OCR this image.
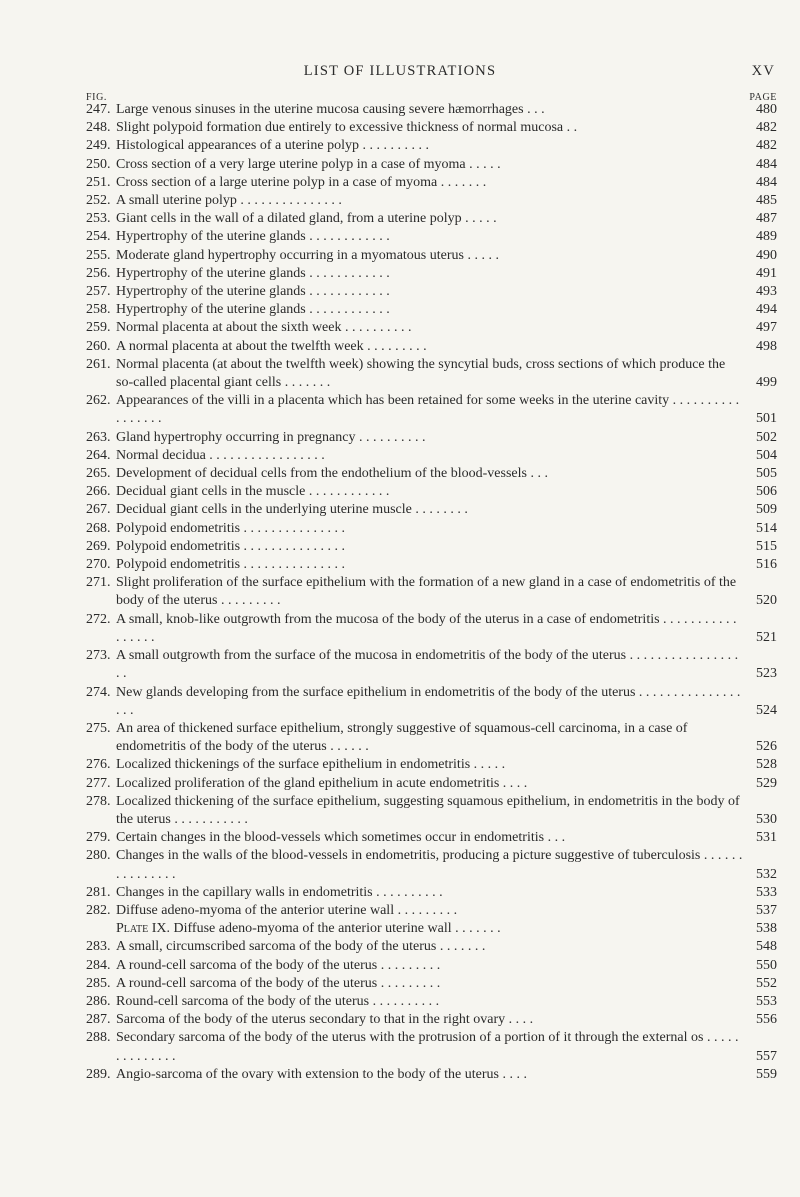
LIST OF ILLUSTRATIONS	XV
FIG.	PAGE
247. Large venous sinuses in the uterine mucosa causing severe hæmorrhages . . .	480
248. Slight polypoid formation due entirely to excessive thickness of normal mucosa . .	482
249. Histological appearances of a uterine polyp . . . . . . . . . .	482
250. Cross section of a very large uterine polyp in a case of myoma . . . . .	484
251. Cross section of a large uterine polyp in a case of myoma . . . . . . .	484
252. A small uterine polyp . . . . . . . . . . . . . . .	485
253. Giant cells in the wall of a dilated gland, from a uterine polyp . . . . .	487
254. Hypertrophy of the uterine glands . . . . . . . . . . . .	489
255. Moderate gland hypertrophy occurring in a myomatous uterus . . . . .	490
256. Hypertrophy of the uterine glands . . . . . . . . . . . .	491
257. Hypertrophy of the uterine glands . . . . . . . . . . . .	493
258. Hypertrophy of the uterine glands . . . . . . . . . . . .	494
259. Normal placenta at about the sixth week . . . . . . . . . .	497
260. A normal placenta at about the twelfth week . . . . . . . . .	498
261. Normal placenta (at about the twelfth week) showing the syncytial buds, cross sections of which produce the so-called placental giant cells . . . . . . .	499
262. Appearances of the villi in a placenta which has been retained for some weeks in the uterine cavity . . . . . . . . . . . . . . . . .	501
263. Gland hypertrophy occurring in pregnancy . . . . . . . . . .	502
264. Normal decidua . . . . . . . . . . . . . . . . .	504
265. Development of decidual cells from the endothelium of the blood-vessels . . .	505
266. Decidual giant cells in the muscle . . . . . . . . . . . .	506
267. Decidual giant cells in the underlying uterine muscle . . . . . . . .	509
268. Polypoid endometritis . . . . . . . . . . . . . . .	514
269. Polypoid endometritis . . . . . . . . . . . . . . .	515
270. Polypoid endometritis . . . . . . . . . . . . . . .	516
271. Slight proliferation of the surface epithelium with the formation of a new gland in a case of endometritis of the body of the uterus . . . . . . . . .	520
272. A small, knob-like outgrowth from the mucosa of the body of the uterus in a case of endometritis . . . . . . . . . . . . . . . . .	521
273. A small outgrowth from the surface of the mucosa in endometritis of the body of the uterus . . . . . . . . . . . . . . . . . .	523
274. New glands developing from the surface epithelium in endometritis of the body of the uterus . . . . . . . . . . . . . . . . . .	524
275. An area of thickened surface epithelium, strongly suggestive of squamous-cell carcinoma, in a case of endometritis of the body of the uterus . . . . . .	526
276. Localized thickenings of the surface epithelium in endometritis . . . . .	528
277. Localized proliferation of the gland epithelium in acute endometritis . . . .	529
278. Localized thickening of the surface epithelium, suggesting squamous epithelium, in endometritis in the body of the uterus . . . . . . . . . . .	530
279. Certain changes in the blood-vessels which sometimes occur in endometritis . . .	531
280. Changes in the walls of the blood-vessels in endometritis, producing a picture suggestive of tuberculosis . . . . . . . . . . . . . . .	532
281. Changes in the capillary walls in endometritis . . . . . . . . . .	533
282. Diffuse adeno-myoma of the anterior uterine wall . . . . . . . . .	537
Plate IX. Diffuse adeno-myoma of the anterior uterine wall . . . . . . .	538
283. A small, circumscribed sarcoma of the body of the uterus . . . . . . .	548
284. A round-cell sarcoma of the body of the uterus . . . . . . . . .	550
285. A round-cell sarcoma of the body of the uterus . . . . . . . . .	552
286. Round-cell sarcoma of the body of the uterus . . . . . . . . . .	553
287. Sarcoma of the body of the uterus secondary to that in the right ovary . . . .	556
288. Secondary sarcoma of the body of the uterus with the protrusion of a portion of it through the external os . . . . . . . . . . . . . .	557
289. Angio-sarcoma of the ovary with extension to the body of the uterus . . . .	559
